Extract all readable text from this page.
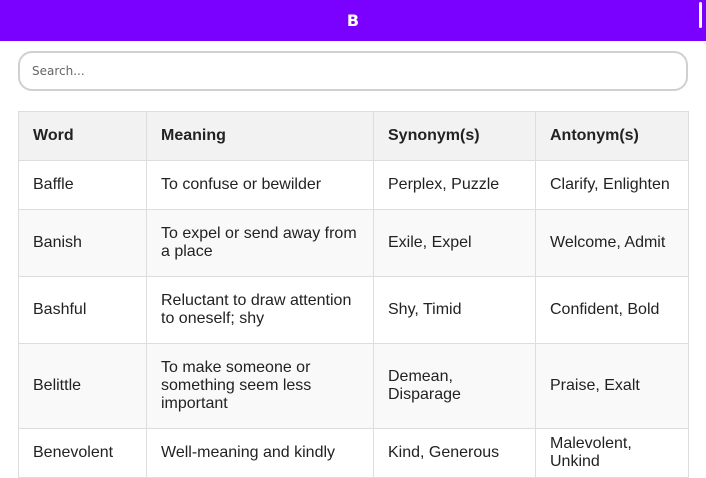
B
Search...
Word	Meaning	Synonym(s)	Antonym(s)
Baffle	To confuse or bewilder	Perplex, Puzzle	Clarify, Enlighten
Banish	To expel or send away from a place	Exile, Expel	Welcome, Admit
Bashful	Reluctant to draw attention to oneself; shy	Shy, Timid	Confident, Bold
Belittle	To make someone or something seem less important	Demean, Disparage	Praise, Exalt
Benevolent	Well-meaning and kindly	Kind, Generous	Malevolent, Unkind
